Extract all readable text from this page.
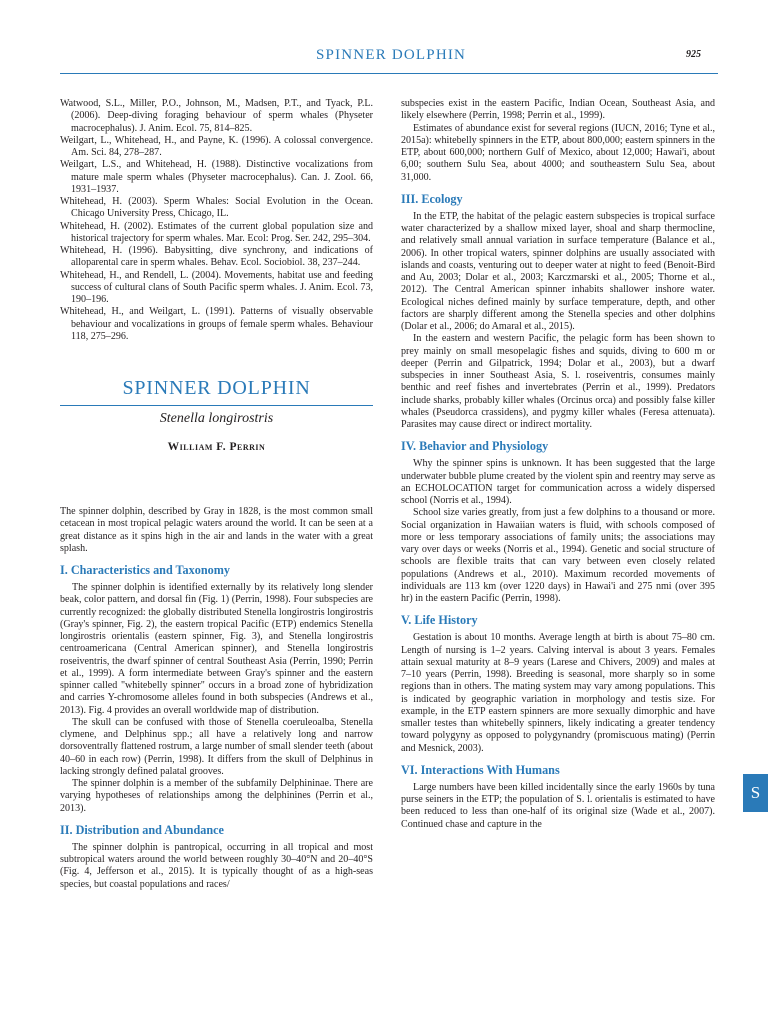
SPINNER DOLPHIN	925

Watwood, S.L., Miller, P.O., Johnson, M., Madsen, P.T., and Tyack, P.L. (2006). Deep-diving foraging behaviour of sperm whales (Physeter macrocephalus). J. Anim. Ecol. 75, 814–825.

Weilgart, L., Whitehead, H., and Payne, K. (1996). A colossal convergence. Am. Sci. 84, 278–287.

Weilgart, L.S., and Whitehead, H. (1988). Distinctive vocalizations from mature male sperm whales (Physeter macrocephalus). Can. J. Zool. 66, 1931–1937.

Whitehead, H. (2003). Sperm Whales: Social Evolution in the Ocean. Chicago University Press, Chicago, IL.

Whitehead, H. (2002). Estimates of the current global population size and historical trajectory for sperm whales. Mar. Ecol: Prog. Ser. 242, 295–304.

Whitehead, H. (1996). Babysitting, dive synchrony, and indications of alloparental care in sperm whales. Behav. Ecol. Sociobiol. 38, 237–244.

Whitehead, H., and Rendell, L. (2004). Movements, habitat use and feeding success of cultural clans of South Pacific sperm whales. J. Anim. Ecol. 73, 190–196.

Whitehead, H., and Weilgart, L. (1991). Patterns of visually observable behaviour and vocalizations in groups of female sperm whales. Behaviour 118, 275–296.

SPINNER DOLPHIN
Stenella longirostris
William F. Perrin

The spinner dolphin, described by Gray in 1828, is the most common small cetacean in most tropical pelagic waters around the world. It can be seen at a great distance as it spins high in the air and lands in the water with a great splash.

I. Characteristics and Taxonomy

The spinner dolphin is identified externally by its relatively long slender beak, color pattern, and dorsal fin (Fig. 1) (Perrin, 1998). Four subspecies are currently recognized: the globally distributed Stenella longirostris longirostris (Gray's spinner, Fig. 2), the eastern tropical Pacific (ETP) endemics Stenella longirostris orientalis (eastern spinner, Fig. 3), and Stenella longirostris centroamericana (Central American spinner), and Stenella longirostris roseiventris, the dwarf spinner of central Southeast Asia (Perrin, 1990; Perrin et al., 1999). A form intermediate between Gray's spinner and the eastern spinner called "whitebelly spinner" occurs in a broad zone of hybridization and carries Y-chromosome alleles found in both subspecies (Andrews et al., 2013). Fig. 4 provides an overall worldwide map of distribution.

The skull can be confused with those of Stenella coeruleoalba, Stenella clymene, and Delphinus spp.; all have a relatively long and narrow dorsoventrally flattened rostrum, a large number of small slender teeth (about 40–60 in each row) (Perrin, 1998). It differs from the skull of Delphinus in lacking strongly defined palatal grooves.

The spinner dolphin is a member of the subfamily Delphininae. There are varying hypotheses of relationships among the delphinines (Perrin et al., 2013).

II. Distribution and Abundance

The spinner dolphin is pantropical, occurring in all tropical and most subtropical waters around the world between roughly 30–40°N and 20–40°S (Fig. 4, Jefferson et al., 2015). It is typically thought of as a high-seas species, but coastal populations and races/

subspecies exist in the eastern Pacific, Indian Ocean, Southeast Asia, and likely elsewhere (Perrin, 1998; Perrin et al., 1999).

Estimates of abundance exist for several regions (IUCN, 2016; Tyne et al., 2015a): whitebelly spinners in the ETP, about 800,000; eastern spinners in the ETP, about 600,000; northern Gulf of Mexico, about 12,000; Hawai'i, about 6,00; southern Sulu Sea, about 4000; and southeastern Sulu Sea, about 31,000.

III. Ecology

In the ETP, the habitat of the pelagic eastern subspecies is tropical surface water characterized by a shallow mixed layer, shoal and sharp thermocline, and relatively small annual variation in surface temperature (Balance et al., 2006). In other tropical waters, spinner dolphins are usually associated with islands and coasts, venturing out to deeper water at night to feed (Benoit-Bird and Au, 2003; Dolar et al., 2003; Karczmarski et al., 2005; Thorne et al., 2012). The Central American spinner inhabits shallower inshore water. Ecological niches defined mainly by surface temperature, depth, and other factors are sharply different among the Stenella species and other dolphins (Dolar et al., 2006; do Amaral et al., 2015).

In the eastern and western Pacific, the pelagic form has been shown to prey mainly on small mesopelagic fishes and squids, diving to 600 m or deeper (Perrin and Gilpatrick, 1994; Dolar et al., 2003), but a dwarf subspecies in inner Southeast Asia, S. l. roseiventris, consumes mainly benthic and reef fishes and invertebrates (Perrin et al., 1999). Predators include sharks, probably killer whales (Orcinus orca) and possibly false killer whales (Pseudorca crassidens), and pygmy killer whales (Feresa attenuata). Parasites may cause direct or indirect mortality.

IV. Behavior and Physiology

Why the spinner spins is unknown. It has been suggested that the large underwater bubble plume created by the violent spin and reentry may serve as an ECHOLOCATION target for communication across a widely dispersed school (Norris et al., 1994).

School size varies greatly, from just a few dolphins to a thousand or more. Social organization in Hawaiian waters is fluid, with schools composed of more or less temporary associations of family units; the associations may vary over days or weeks (Norris et al., 1994). Genetic and social structure of schools are flexible traits that can vary between even closely related populations (Andrews et al., 2010). Maximum recorded movements of individuals are 113 km (over 1220 days) in Hawai'i and 275 nmi (over 395 hr) in the eastern Pacific (Perrin, 1998).

V. Life History

Gestation is about 10 months. Average length at birth is about 75–80 cm. Length of nursing is 1–2 years. Calving interval is about 3 years. Females attain sexual maturity at 8–9 years (Larese and Chivers, 2009) and males at 7–10 years (Perrin, 1998). Breeding is seasonal, more sharply so in some regions than in others. The mating system may vary among populations. This is indicated by geographic variation in morphology and testis size. For example, in the ETP eastern spinners are more sexually dimorphic and have smaller testes than whitebelly spinners, likely indicating a greater tendency toward polygyny as opposed to polygynandry (promiscuous mating) (Perrin and Mesnick, 2003).

VI. Interactions With Humans

Large numbers have been killed incidentally since the early 1960s by tuna purse seiners in the ETP; the population of S. l. orientalis is estimated to have been reduced to less than one-half of its original size (Wade et al., 2007). Continued chase and capture in the

S
